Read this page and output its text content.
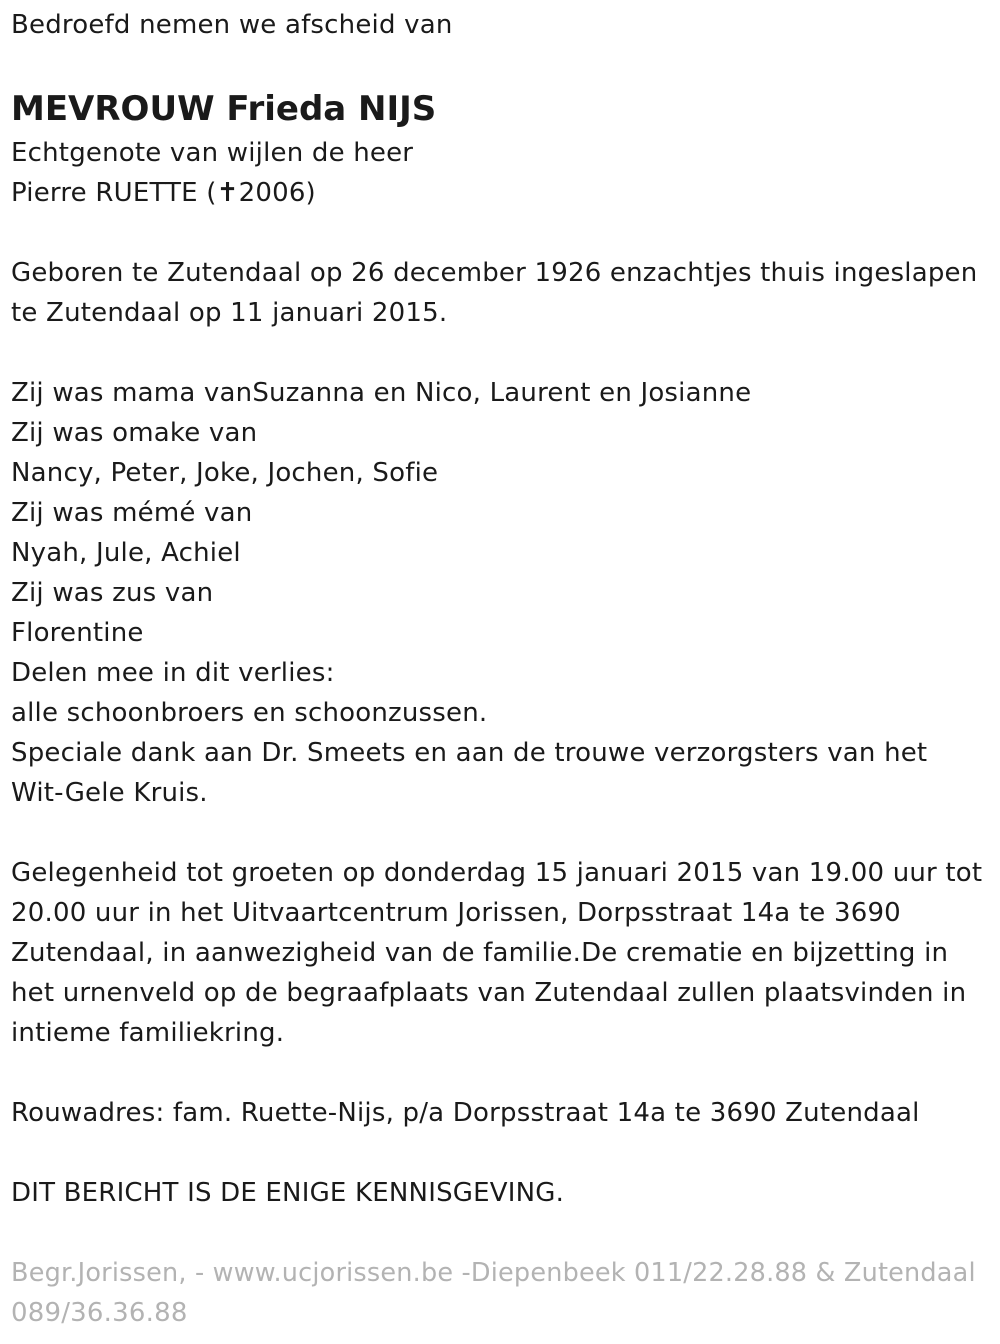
Bedroefd nemen we afscheid van
MEVROUW Frieda NIJS
Echtgenote van wijlen de heer
Pierre RUETTE (✝2006)
Geboren te Zutendaal op 26 december 1926 enzachtjes thuis ingeslapen
te Zutendaal op 11 januari 2015.
Zij was mama vanSuzanna en Nico, Laurent en Josianne
Zij was omake van
Nancy, Peter, Joke, Jochen, Sofie
Zij was mémé van
Nyah, Jule, Achiel
Zij was zus van
Florentine
Delen mee in dit verlies:
alle schoonbroers en schoonzussen.
Speciale dank aan Dr. Smeets en aan de trouwe verzorgsters van het
Wit-Gele Kruis.
Gelegenheid tot groeten op donderdag 15 januari 2015 van 19.00 uur tot
20.00 uur in het Uitvaartcentrum Jorissen, Dorpsstraat 14a te 3690
Zutendaal, in aanwezigheid van de familie.De crematie en bijzetting in
het urnenveld op de begraafplaats van Zutendaal zullen plaatsvinden in
intieme familiekring.
Rouwadres: fam. Ruette-Nijs, p/a Dorpsstraat 14a te 3690 Zutendaal
DIT BERICHT IS DE ENIGE KENNISGEVING.
Begr.Jorissen, - www.ucjorissen.be -Diepenbeek 011/22.28.88 & Zutendaal
089/36.36.88
